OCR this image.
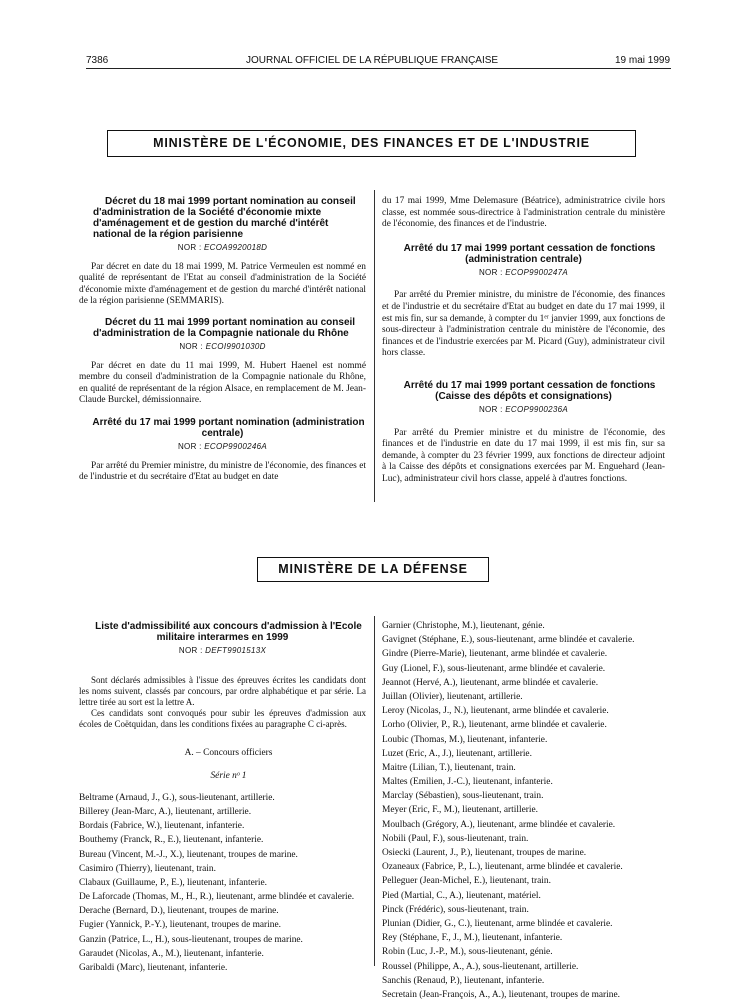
7386	JOURNAL OFFICIEL DE LA RÉPUBLIQUE FRANÇAISE	19 mai 1999
MINISTÈRE DE L'ÉCONOMIE, DES FINANCES ET DE L'INDUSTRIE

Décret du 18 mai 1999 portant nomination au conseil d'administration de la Société d'économie mixte d'aménagement et de gestion du marché d'intérêt national de la région parisienne

NOR : ECOA9920018D

Par décret en date du 18 mai 1999, M. Patrice Vermeulen est nommé en qualité de représentant de l'Etat au conseil d'administration de la Société d'économie mixte d'aménagement et de gestion du marché d'intérêt national de la région parisienne (SEMMARIS).

Décret du 11 mai 1999 portant nomination au conseil d'administration de la Compagnie nationale du Rhône

NOR : ECOI9901030D

Par décret en date du 11 mai 1999, M. Hubert Haenel est nommé membre du conseil d'administration de la Compagnie nationale du Rhône, en qualité de représentant de la région Alsace, en remplacement de M. Jean-Claude Burckel, démissionnaire.

Arrêté du 17 mai 1999 portant nomination (administration centrale)

NOR : ECOP9900246A

Par arrêté du Premier ministre, du ministre de l'économie, des finances et de l'industrie et du secrétaire d'Etat au budget en date

du 17 mai 1999, Mme Delemasure (Béatrice), administratrice civile hors classe, est nommée sous-directrice à l'administration centrale du ministère de l'économie, des finances et de l'industrie.

Arrêté du 17 mai 1999 portant cessation de fonctions (administration centrale)

NOR : ECOP9900247A

Par arrêté du Premier ministre, du ministre de l'économie, des finances et de l'industrie et du secrétaire d'Etat au budget en date du 17 mai 1999, il est mis fin, sur sa demande, à compter du 1ᵉʳ janvier 1999, aux fonctions de sous-directeur à l'administration centrale du ministère de l'économie, des finances et de l'industrie exercées par M. Picard (Guy), administrateur civil hors classe.

Arrêté du 17 mai 1999 portant cessation de fonctions (Caisse des dépôts et consignations)

NOR : ECOP9900236A

Par arrêté du Premier ministre et du ministre de l'économie, des finances et de l'industrie en date du 17 mai 1999, il est mis fin, sur sa demande, à compter du 23 février 1999, aux fonctions de directeur adjoint à la Caisse des dépôts et consignations exercées par M. Enguehard (Jean-Luc), administrateur civil hors classe, appelé à d'autres fonctions.

MINISTÈRE DE LA DÉFENSE

Liste d'admissibilité aux concours d'admission à l'Ecole militaire interarmes en 1999

NOR : DEFT9901513X

Sont déclarés admissibles à l'issue des épreuves écrites les candidats dont les noms suivent, classés par concours, par ordre alphabétique et par série. La lettre tirée au sort est la lettre A.

Ces candidats sont convoqués pour subir les épreuves d'admission aux écoles de Coëtquidan, dans les conditions fixées au paragraphe C ci-après.

A. – Concours officiers

Série nᵒ 1

Beltrame (Arnaud, J., G.), sous-lieutenant, artillerie.

Billerey (Jean-Marc, A.), lieutenant, artillerie.

Bordais (Fabrice, W.), lieutenant, infanterie.

Bouthemy (Franck, R., E.), lieutenant, infanterie.

Bureau (Vincent, M.-J., X.), lieutenant, troupes de marine.

Casimiro (Thierry), lieutenant, train.

Clabaux (Guillaume, P., E.), lieutenant, infanterie.

De Laforcade (Thomas, M., H., R.), lieutenant, arme blindée et cavalerie.

Derache (Bernard, D.), lieutenant, troupes de marine.

Fugier (Yannick, P.-Y.), lieutenant, troupes de marine.

Ganzin (Patrice, L., H.), sous-lieutenant, troupes de marine.

Garaudet (Nicolas, A., M.), lieutenant, infanterie.

Garibaldi (Marc), lieutenant, infanterie.

Garnier (Christophe, M.), lieutenant, génie.

Gavignet (Stéphane, E.), sous-lieutenant, arme blindée et cavalerie.

Gindre (Pierre-Marie), lieutenant, arme blindée et cavalerie.

Guy (Lionel, F.), sous-lieutenant, arme blindée et cavalerie.

Jeannot (Hervé, A.), lieutenant, arme blindée et cavalerie.

Juillan (Olivier), lieutenant, artillerie.

Leroy (Nicolas, J., N.), lieutenant, arme blindée et cavalerie.

Lorho (Olivier, P., R.), lieutenant, arme blindée et cavalerie.

Loubic (Thomas, M.), lieutenant, infanterie.

Luzet (Eric, A., J.), lieutenant, artillerie.

Maitre (Lilian, T.), lieutenant, train.

Maltes (Emilien, J.-C.), lieutenant, infanterie.

Marclay (Sébastien), sous-lieutenant, train.

Meyer (Eric, F., M.), lieutenant, artillerie.

Moulbach (Grégory, A.), lieutenant, arme blindée et cavalerie.

Nobili (Paul, F.), sous-lieutenant, train.

Osiecki (Laurent, J., P.), lieutenant, troupes de marine.

Ozaneaux (Fabrice, P., L.), lieutenant, arme blindée et cavalerie.

Pelleguer (Jean-Michel, E.), lieutenant, train.

Pied (Martial, C., A.), lieutenant, matériel.

Pinck (Frédéric), sous-lieutenant, train.

Plunian (Didier, G., C.), lieutenant, arme blindée et cavalerie.

Rey (Stéphane, F., J., M.), lieutenant, infanterie.

Robin (Luc, J.-P., M.), sous-lieutenant, génie.

Roussel (Philippe, A., A.), sous-lieutenant, artillerie.

Sanchis (Renaud, P.), lieutenant, infanterie.

Secretain (Jean-François, A., A.), lieutenant, troupes de marine.
